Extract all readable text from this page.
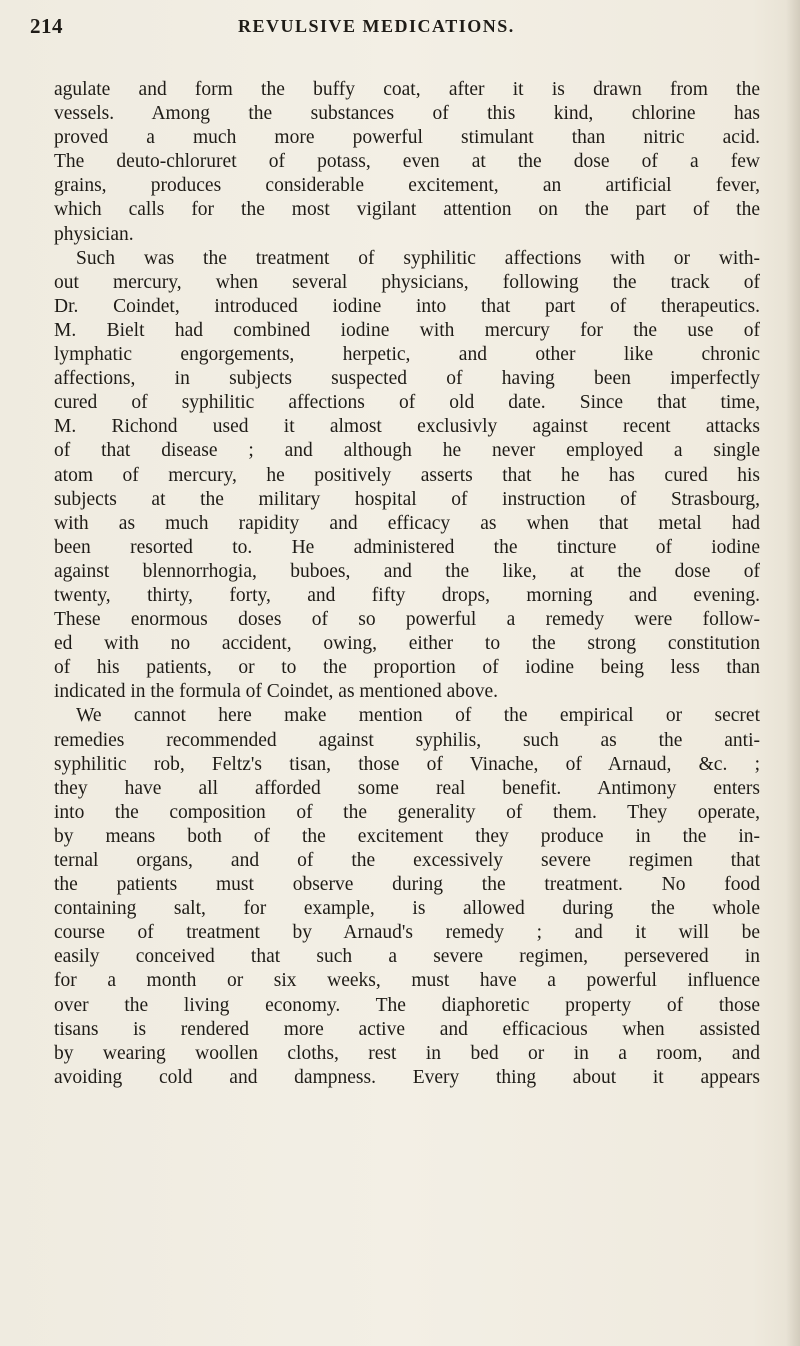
214	REVULSIVE MEDICATIONS.
agulate and form the buffy coat, after it is drawn from the
vessels. Among the substances of this kind, chlorine has
proved a much more powerful stimulant than nitric acid.
The deuto-chloruret of potass, even at the dose of a few
grains, produces considerable excitement, an artificial fever,
which calls for the most vigilant attention on the part of the
physician.
Such was the treatment of syphilitic affections with or with-
out mercury, when several physicians, following the track of
Dr. Coindet, introduced iodine into that part of therapeutics.
M. Bielt had combined iodine with mercury for the use of
lymphatic engorgements, herpetic, and other like chronic
affections, in subjects suspected of having been imperfectly
cured of syphilitic affections of old date. Since that time,
M. Richond used it almost exclusivly against recent attacks
of that disease ; and although he never employed a single
atom of mercury, he positively asserts that he has cured his
subjects at the military hospital of instruction of Strasbourg,
with as much rapidity and efficacy as when that metal had
been resorted to. He administered the tincture of iodine
against blennorrhogia, buboes, and the like, at the dose of
twenty, thirty, forty, and fifty drops, morning and evening.
These enormous doses of so powerful a remedy were follow-
ed with no accident, owing, either to the strong constitution
of his patients, or to the proportion of iodine being less than
indicated in the formula of Coindet, as mentioned above.
We cannot here make mention of the empirical or secret
remedies recommended against syphilis, such as the anti-
syphilitic rob, Feltz's tisan, those of Vinache, of Arnaud, &c. ;
they have all afforded some real benefit. Antimony enters
into the composition of the generality of them. They operate,
by means both of the excitement they produce in the in-
ternal organs, and of the excessively severe regimen that
the patients must observe during the treatment. No food
containing salt, for example, is allowed during the whole
course of treatment by Arnaud's remedy ; and it will be
easily conceived that such a severe regimen, persevered in
for a month or six weeks, must have a powerful influence
over the living economy. The diaphoretic property of those
tisans is rendered more active and efficacious when assisted
by wearing woollen cloths, rest in bed or in a room, and
avoiding cold and dampness. Every thing about it appears
